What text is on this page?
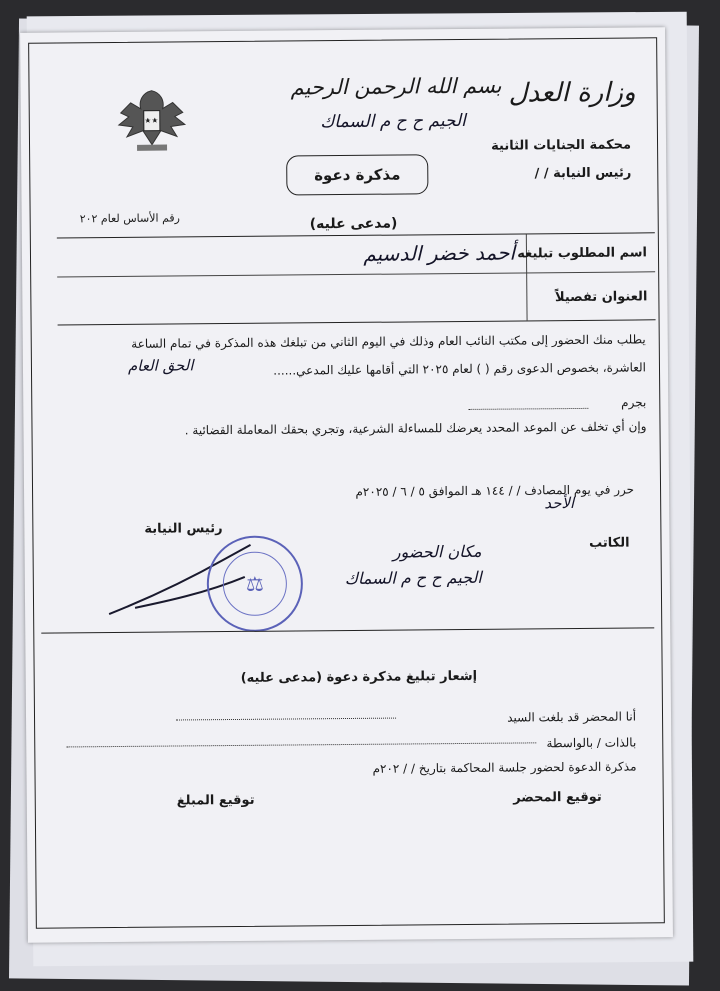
وزارة العدل
بسم الله الرحمن الرحيم
محكمة الجنايات الثانية
رئيس النيابة / /
مذكرة دعوة
رقم الأساس لعام ٢٠٢	(مدعى عليه)
اسم المطلوب تبليغه
العنوان تفصيلاً
أحمد خضر الدسيم
الجيم ح ح م السماك
يطلب منك الحضور إلى مكتب النائب العام وذلك في اليوم الثاني من تبلغك هذه المذكرة في تمام الساعة
العاشرة، بخصوص الدعوى رقم ( ) لعام ٢٠٢٥ التي أقامها عليك المدعي......
الحق العام
بجرم
وإن أي تخلف عن الموعد المحدد يعرضك للمساءلة الشرعية، وتجري بحقك المعاملة القضائية .
حرر في يوم المصادف / / ١٤٤ هـ الموافق ٥ / ٦ / ٢٠٢٥م
الأحد
الكاتب
رئيس النيابة
مكان الحضور
الجيم ح ح م السماك
⚖
إشعار تبليغ مذكرة دعوة (مدعى عليه)
أنا المحضر قد بلغت السيد
بالذات / بالواسطة
مذكرة الدعوة لحضور جلسة المحاكمة بتاريخ / / ٢٠٢م
توقيع المحضر
توقيع المبلغ
